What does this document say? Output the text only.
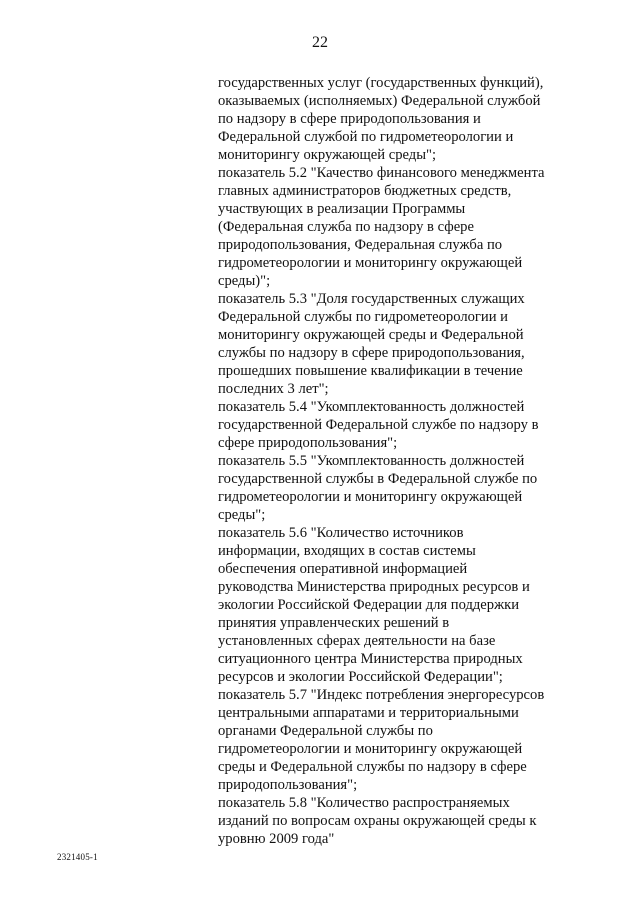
22
государственных услуг (государственных функций),
оказываемых (исполняемых) Федеральной службой
по надзору в сфере природопользования и
Федеральной службой по гидрометеорологии и
мониторингу окружающей среды";
показатель 5.2 "Качество финансового менеджмента
главных администраторов бюджетных средств,
участвующих в реализации Программы
(Федеральная служба по надзору в сфере
природопользования, Федеральная служба по
гидрометеорологии и мониторингу окружающей
среды)";
показатель 5.3 "Доля государственных служащих
Федеральной службы по гидрометеорологии и
мониторингу окружающей среды и Федеральной
службы по надзору в сфере природопользования,
прошедших повышение квалификации в течение
последних 3 лет";
показатель 5.4 "Укомплектованность должностей
государственной Федеральной службе по надзору в
сфере природопользования";
показатель 5.5 "Укомплектованность должностей
государственной службы в Федеральной службе по
гидрометеорологии и мониторингу окружающей
среды";
показатель 5.6 "Количество источников
информации, входящих в состав системы
обеспечения оперативной информацией
руководства Министерства природных ресурсов и
экологии Российской Федерации для поддержки
принятия управленческих решений в
установленных сферах деятельности на базе
ситуационного центра Министерства природных
ресурсов и экологии Российской Федерации";
показатель 5.7 "Индекс потребления энергоресурсов
центральными аппаратами и территориальными
органами Федеральной службы по
гидрометеорологии и мониторингу окружающей
среды и Федеральной службы по надзору в сфере
природопользования";
показатель 5.8 "Количество распространяемых
изданий по вопросам охраны окружающей среды к
уровню 2009 года"
2321405-1
